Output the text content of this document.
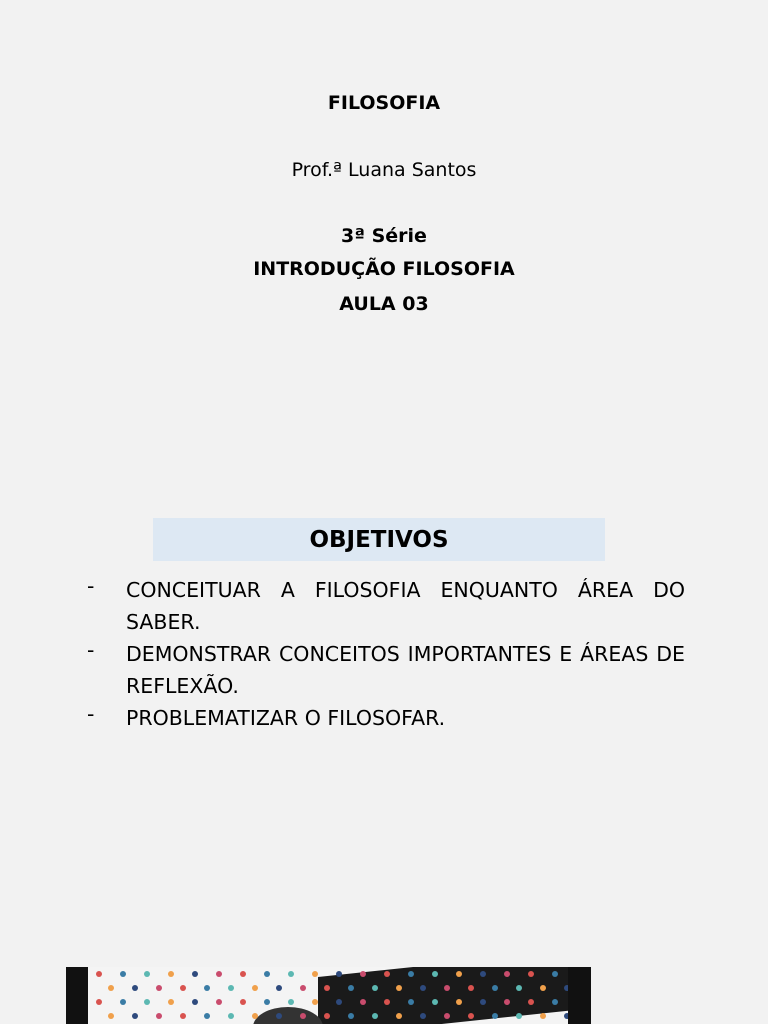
FILOSOFIA
Prof.ª Luana Santos
3ª Série
INTRODUÇÃO FILOSOFIA
AULA 03
OBJETIVOS
- CONCEITUAR A FILOSOFIA ENQUANTO ÁREA DO SABER.
- DEMONSTRAR CONCEITOS IMPORTANTES E ÁREAS DE REFLEXÃO.
- PROBLEMATIZAR O FILOSOFAR.
